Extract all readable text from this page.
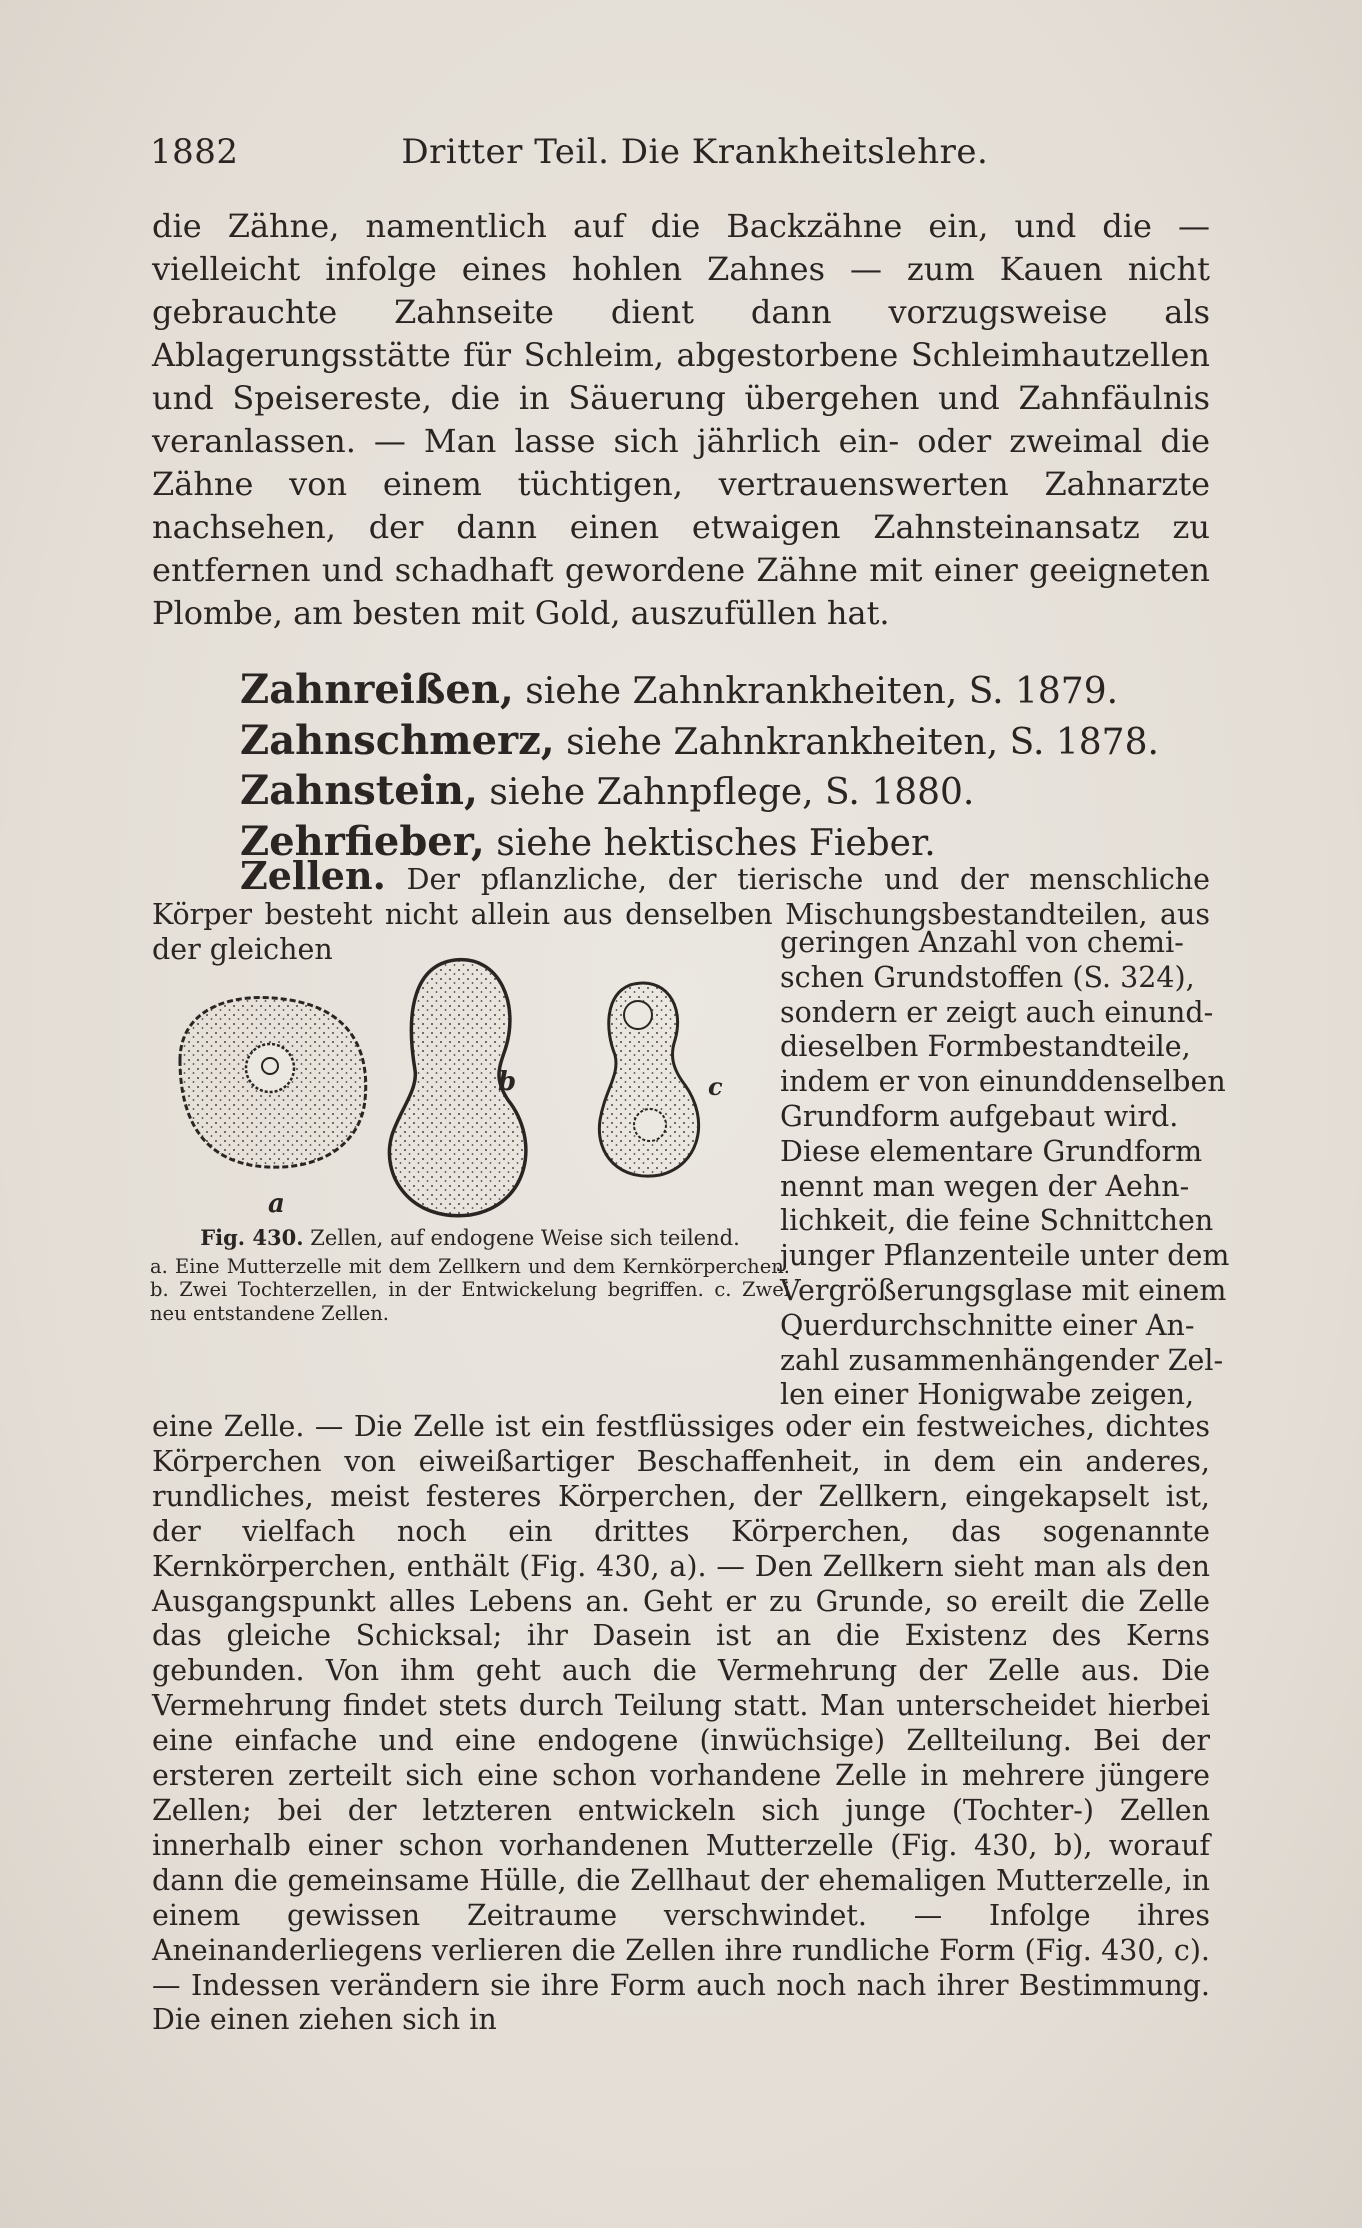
1882	Dritter Teil. Die Krankheitslehre.

die Zähne, namentlich auf die Backzähne ein, und die — vielleicht infolge eines hohlen Zahnes — zum Kauen nicht gebrauchte Zahnseite dient dann vorzugsweise als Ablagerungsstätte für Schleim, abgestorbene Schleimhautzellen und Speisereste, die in Säuerung übergehen und Zahnfäulnis veranlassen. — Man lasse sich jährlich ein- oder zweimal die Zähne von einem tüchtigen, vertrauenswerten Zahnarzte nachsehen, der dann einen etwaigen Zahnsteinansatz zu entfernen und schadhaft gewordene Zähne mit einer geeigneten Plombe, am besten mit Gold, auszufüllen hat.

Zahnreißen, siehe Zahnkrankheiten, S. 1879.
Zahnschmerz, siehe Zahnkrankheiten, S. 1878.
Zahnstein, siehe Zahnpflege, S. 1880.
Zehrfieber, siehe hektisches Fieber.

Zellen. Der pflanzliche, der tierische und der menschliche Körper besteht nicht allein aus denselben Mischungsbestandteilen, aus der gleichen

a
b	c
Fig. 430. Zellen, auf endogene Weise sich teilend.
a. Eine Mutterzelle mit dem Zellkern und dem Kernkörperchen. b. Zwei Tochterzellen, in der Entwickelung begriffen. c. Zwei neu entstandene Zellen.
geringen Anzahl von chemi-
schen Grundstoffen (S. 324),
sondern er zeigt auch einund-
dieselben Formbestandteile,
indem er von einunddenselben
Grundform aufgebaut wird.
Diese elementare Grundform
nennt man wegen der Aehn-
lichkeit, die feine Schnittchen
junger Pflanzenteile unter dem
Vergrößerungsglase mit einem
Querdurchschnitte einer An-
zahl zusammenhängender Zel-
len einer Honigwabe zeigen,

eine Zelle. — Die Zelle ist ein festflüssiges oder ein festweiches, dichtes Körperchen von eiweißartiger Beschaffenheit, in dem ein anderes, rundliches, meist festeres Körperchen, der Zellkern, eingekapselt ist, der vielfach noch ein drittes Körperchen, das sogenannte Kernkörperchen, enthält (Fig. 430, a). — Den Zellkern sieht man als den Ausgangspunkt alles Lebens an. Geht er zu Grunde, so ereilt die Zelle das gleiche Schicksal; ihr Dasein ist an die Existenz des Kerns gebunden. Von ihm geht auch die Vermehrung der Zelle aus. Die Vermehrung findet stets durch Teilung statt. Man unterscheidet hierbei eine einfache und eine endogene (inwüchsige) Zellteilung. Bei der ersteren zerteilt sich eine schon vorhandene Zelle in mehrere jüngere Zellen; bei der letzteren entwickeln sich junge (Tochter-) Zellen innerhalb einer schon vorhandenen Mutterzelle (Fig. 430, b), worauf dann die gemeinsame Hülle, die Zellhaut der ehemaligen Mutterzelle, in einem gewissen Zeitraume verschwindet. — Infolge ihres Aneinanderliegens verlieren die Zellen ihre rundliche Form (Fig. 430, c). — Indessen verändern sie ihre Form auch noch nach ihrer Bestimmung. Die einen ziehen sich in
